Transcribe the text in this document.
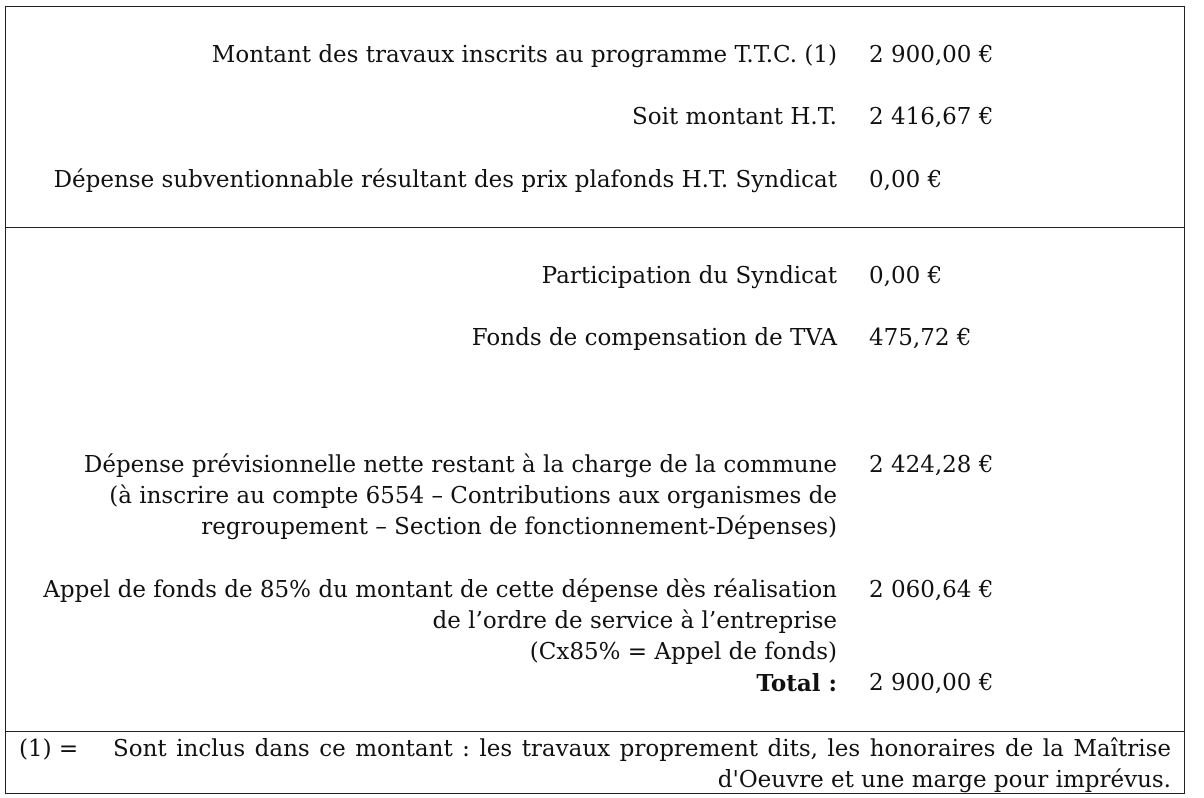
Montant des travaux inscrits au programme T.T.C. (1) 2 900,00 €
Soit montant H.T. 2 416,67 €
Dépense subventionnable résultant des prix plafonds H.T. Syndicat 0,00 €
Participation du Syndicat 0,00 €
Fonds de compensation de TVA 475,72 €
Dépense prévisionnelle nette restant à la charge de la commune
(à inscrire au compte 6554 – Contributions aux organismes de
regroupement – Section de fonctionnement-Dépenses)
2 424,28 €
Appel de fonds de 85% du montant de cette dépense dès réalisation
de l’ordre de service à l’entreprise
(Cx85% = Appel de fonds)
2 060,64 €
Total : 2 900,00 €
(1) = Sont inclus dans ce montant : les travaux proprement dits, les honoraires de la Maîtrise d'Oeuvre et une marge pour imprévus.
